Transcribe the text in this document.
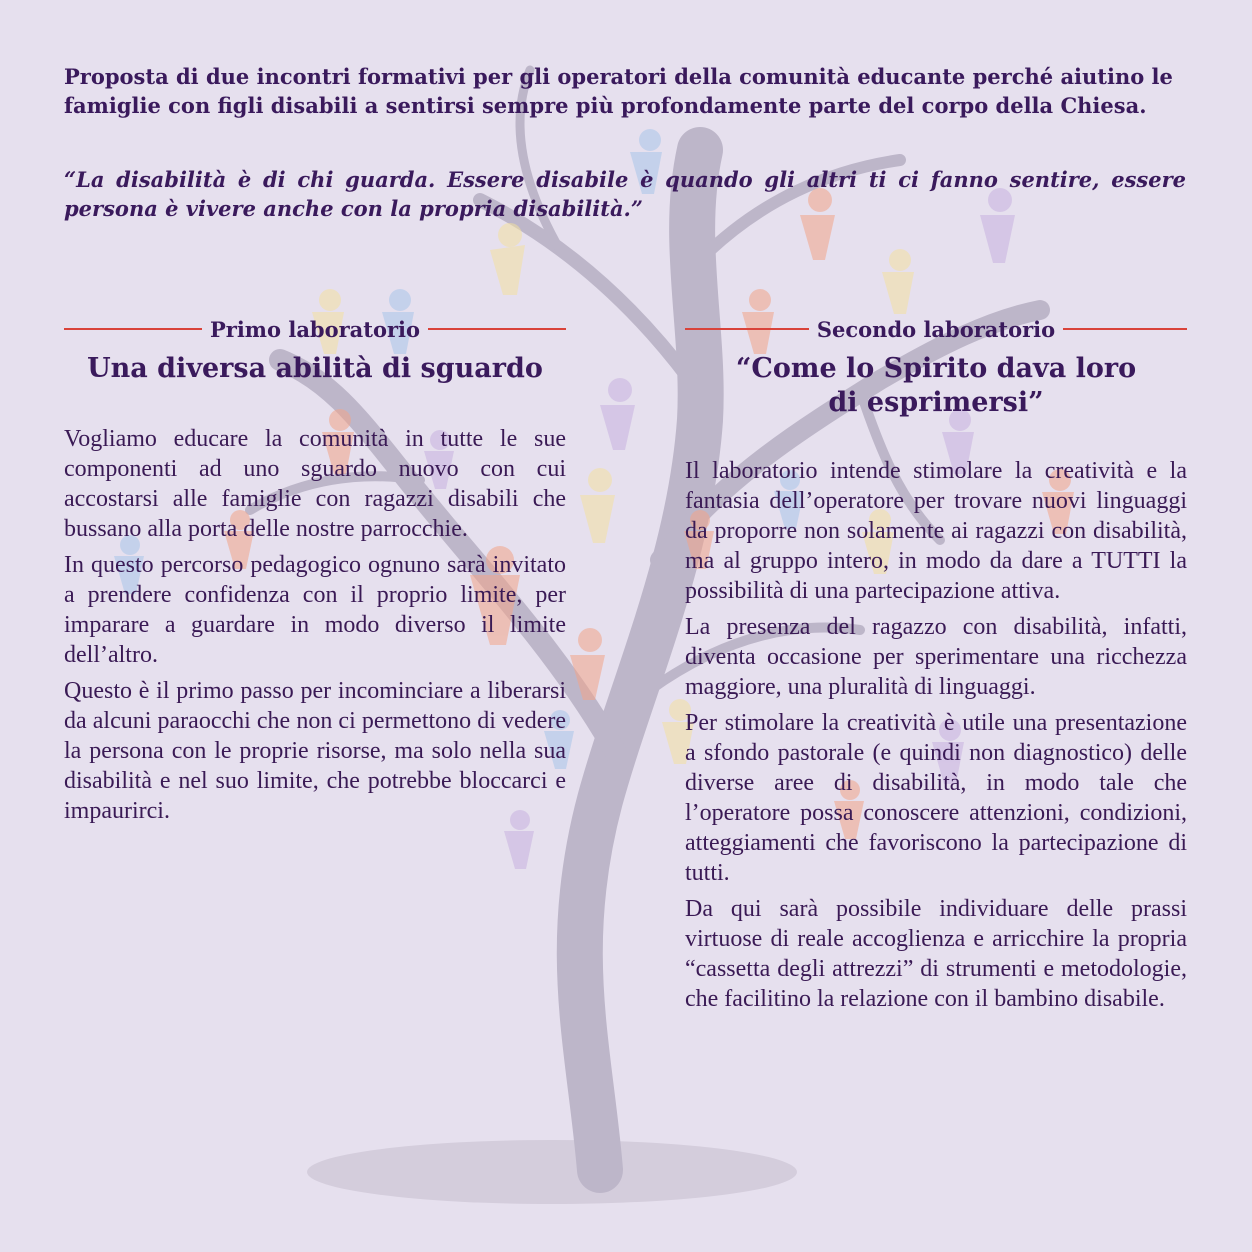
Proposta di due incontri formativi per gli operatori della comunità educante perché aiutino le famiglie con figli disabili a sentirsi sempre più profondamente parte del corpo della Chiesa.
“La disabilità è di chi guarda. Essere disabile è quando gli altri ti ci fanno sentire, essere
persona è vivere anche con la propria disabilità.”
Primo laboratorio
Una diversa abilità di sguardo

Vogliamo educare la comunità in tutte le sue componenti ad uno sguardo nuovo con cui accostarsi alle famiglie con ragazzi disabili che bussano alla porta delle nostre parrocchie.

In questo percorso pedagogico ognuno sarà invitato a prendere confidenza con il proprio limite, per imparare a guardare in modo diverso il limite dell’altro.

Questo è il primo passo per incominciare a liberarsi da alcuni paraocchi che non ci permettono di vedere la persona con le proprie risorse, ma solo nella sua disabilità e nel suo limite, che potrebbe bloccarci e impaurirci.

Secondo laboratorio
“Come lo Spirito dava loro
di esprimersi”

Il laboratorio intende stimolare la creatività e la fantasia dell’operatore per trovare nuovi linguaggi da proporre non solamente ai ragazzi con disabilità, ma al gruppo intero, in modo da dare a TUTTI la possibilità di una partecipazione attiva.

La presenza del ragazzo con disabilità, infatti, diventa occasione per sperimentare una ricchezza maggiore, una pluralità di linguaggi.

Per stimolare la creatività è utile una presentazione a sfondo pastorale (e quindi non diagnostico) delle diverse aree di disabilità, in modo tale che l’operatore possa conoscere attenzioni, condizioni, atteggiamenti che favoriscono la partecipazione di tutti.

Da qui sarà possibile individuare delle prassi virtuose di reale accoglienza e arricchire la propria “cassetta degli attrezzi” di strumenti e metodologie, che facilitino la relazione con il bambino disabile.
